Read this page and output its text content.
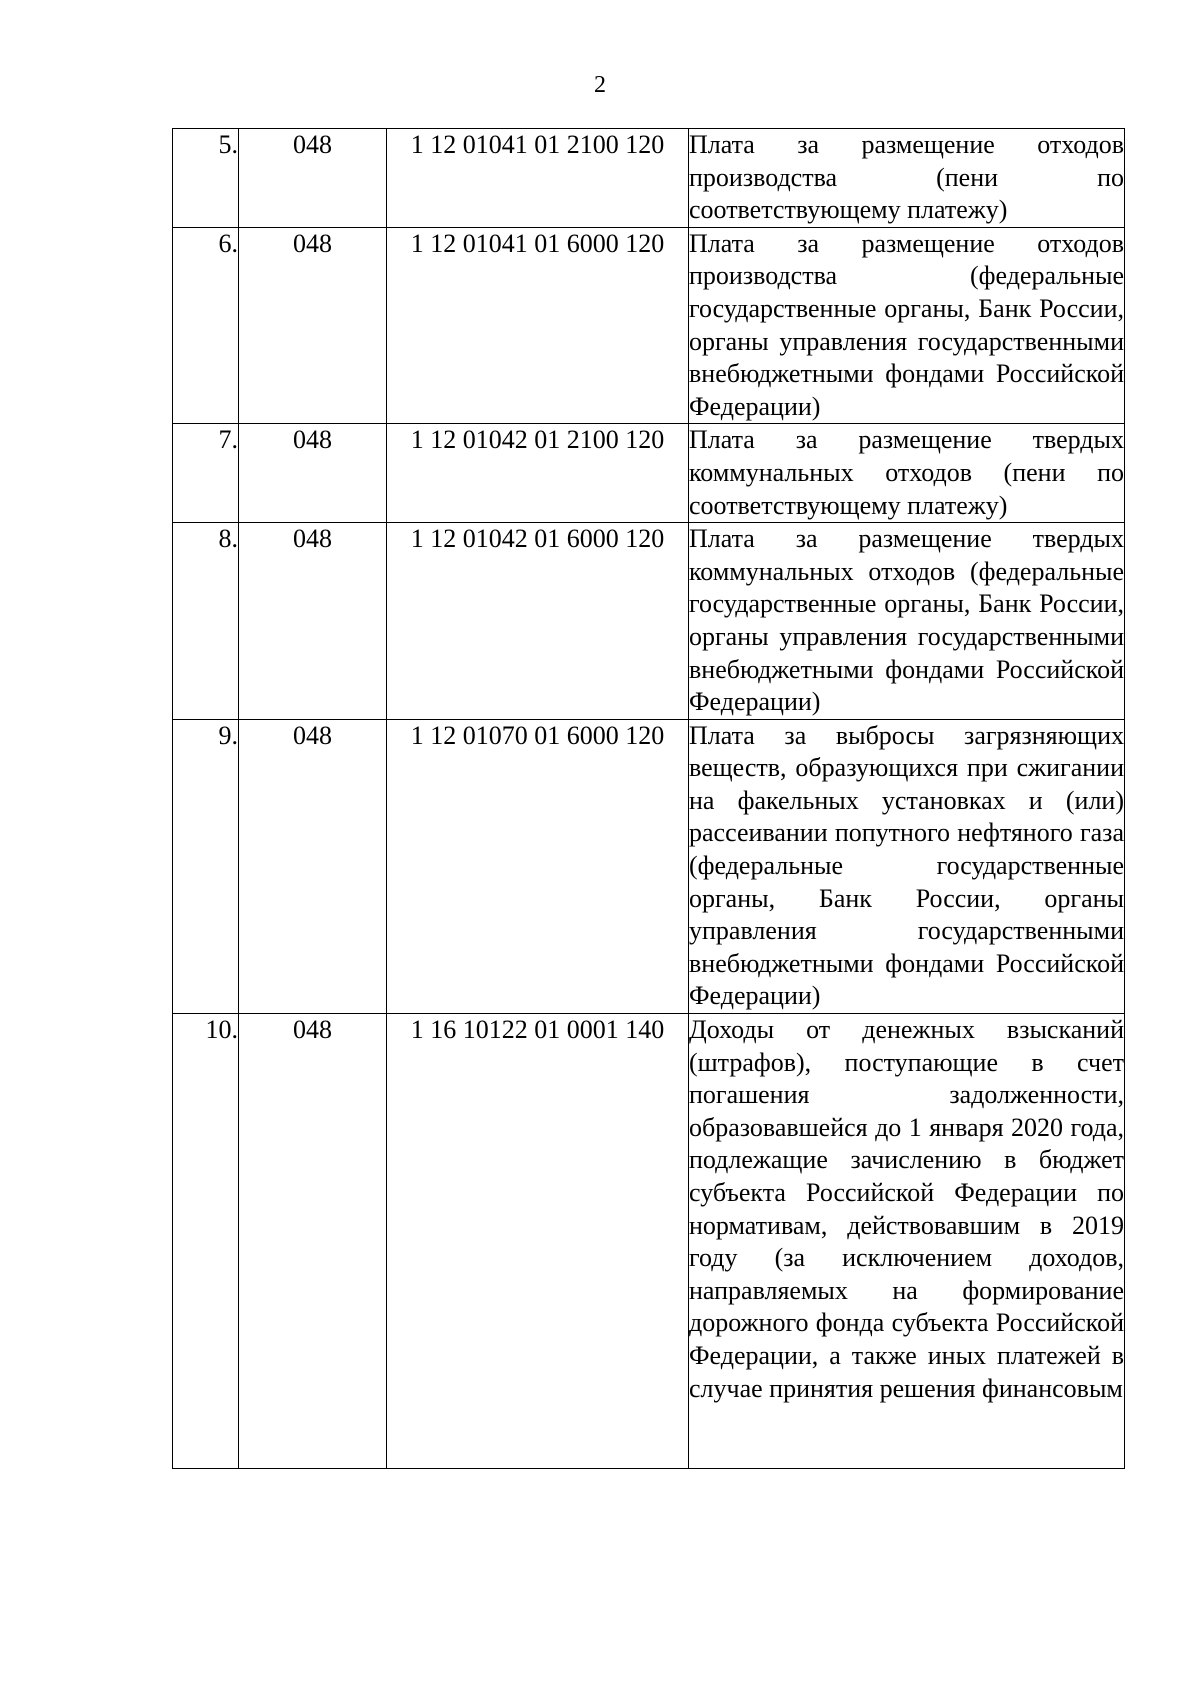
2
5.	048	1 12 01041 01 2100 120	Плата за размещение отходов производства (пени по соответствующему платежу)
6.	048	1 12 01041 01 6000 120	Плата за размещение отходов производства (федеральные государственные органы, Банк России, органы управления государственными внебюджетными фондами Российской Федерации)
7.	048	1 12 01042 01 2100 120	Плата за размещение твердых коммунальных отходов (пени по соответствующему платежу)
8.	048	1 12 01042 01 6000 120	Плата за размещение твердых коммунальных отходов (федеральные государственные органы, Банк России, органы управления государственными внебюджетными фондами Российской Федерации)
9.	048	1 12 01070 01 6000 120	Плата за выбросы загрязняющих веществ, образующихся при сжигании на факельных установках и (или) рассеивании попутного нефтяного газа (федеральные государственные органы, Банк России, органы управления государственными внебюджетными фондами Российской Федерации)
10.	048	1 16 10122 01 0001 140	Доходы от денежных взысканий (штрафов), поступающие в счет погашения задолженности, образовавшейся до 1 января 2020 года, подлежащие зачислению в бюджет субъекта Российской Федерации по нормативам, действовавшим в 2019 году (за исключением доходов, направляемых на формирование дорожного фонда субъекта Российской Федерации, а также иных платежей в случае принятия решения финансовым
